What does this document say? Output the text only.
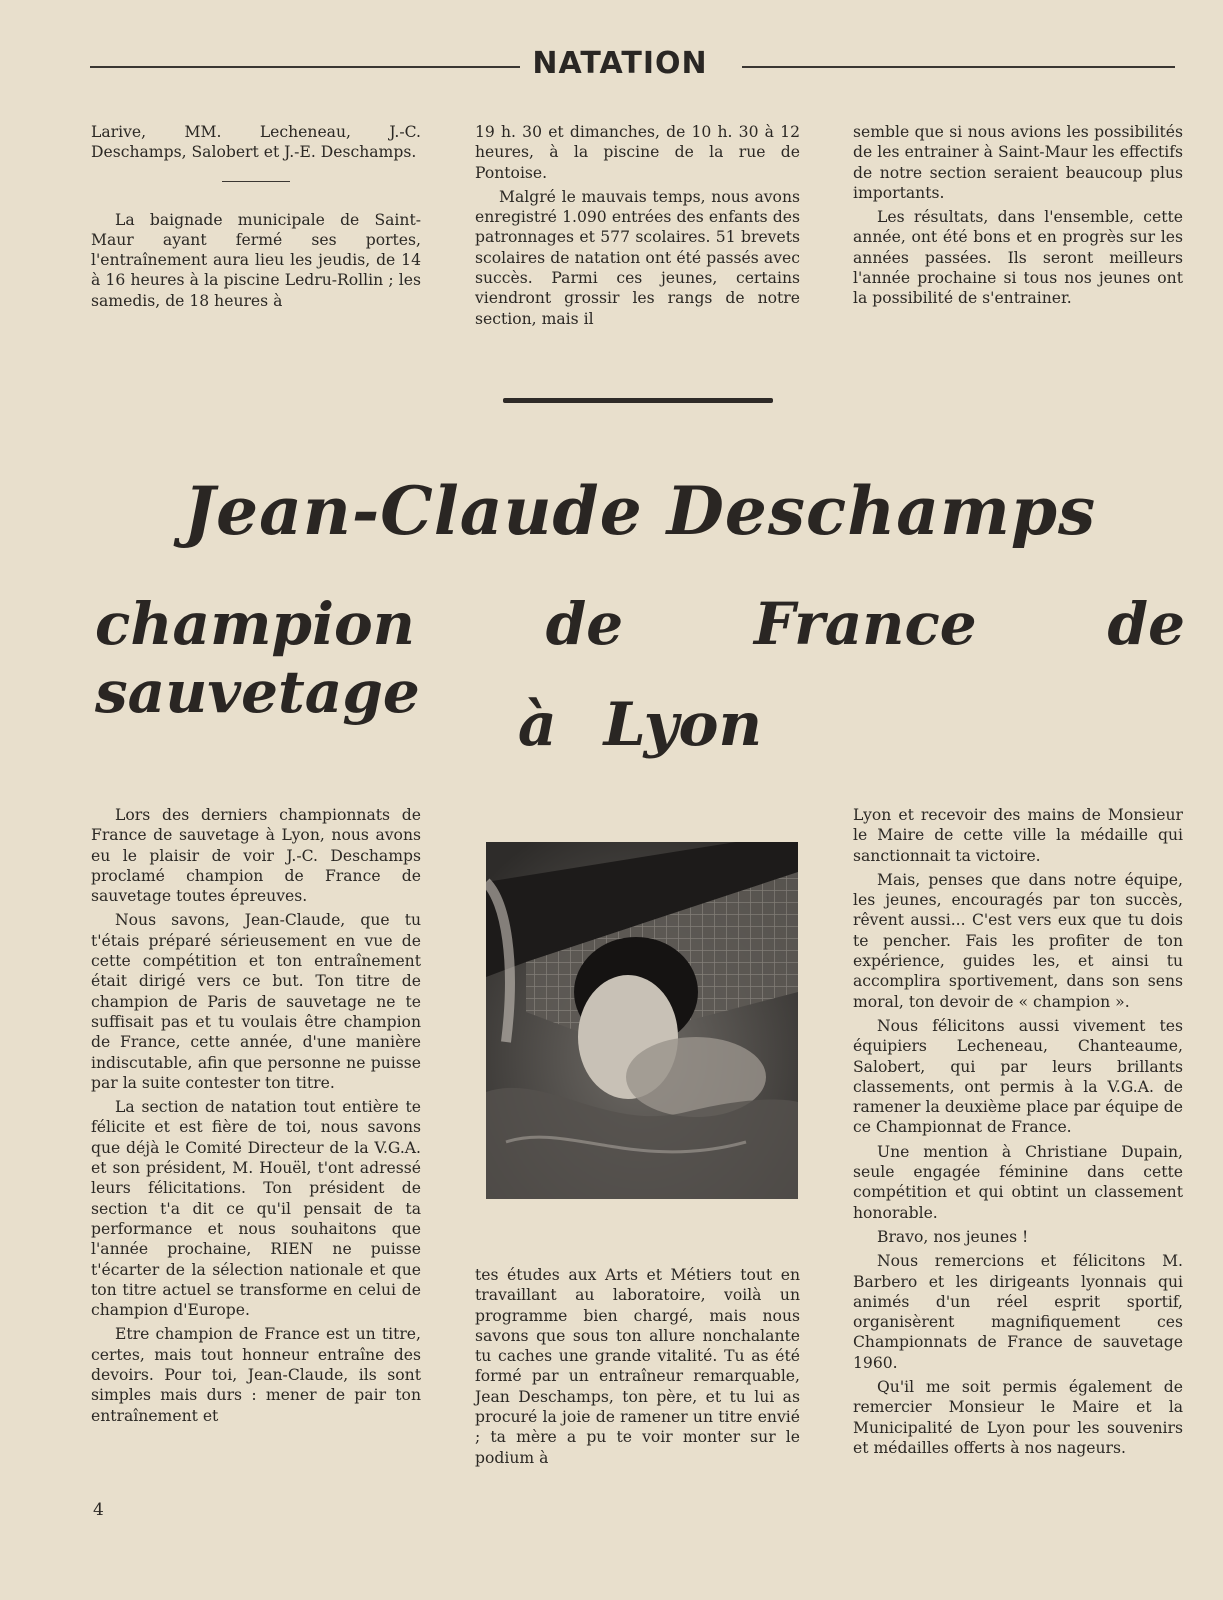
NATATION

Larive, MM. Lecheneau, J.-C. Deschamps, Salobert et J.-E. Deschamps.

La baignade municipale de Saint-Maur ayant fermé ses portes, l'entraînement aura lieu les jeudis, de 14 à 16 heures à la piscine Ledru-Rollin ; les samedis, de 18 heures à

19 h. 30 et dimanches, de 10 h. 30 à 12 heures, à la piscine de la rue de Pontoise.

Malgré le mauvais temps, nous avons enregistré 1.090 entrées des enfants des patronnages et 577 scolaires. 51 brevets scolaires de natation ont été passés avec succès. Parmi ces jeunes, certains viendront grossir les rangs de notre section, mais il

semble que si nous avions les possibilités de les entrainer à Saint-Maur les effectifs de notre section seraient beaucoup plus importants.

Les résultats, dans l'ensemble, cette année, ont été bons et en progrès sur les années passées. Ils seront meilleurs l'année prochaine si tous nos jeunes ont la possibilité de s'entrainer.

Jean-Claude Deschamps
champion de France de sauvetage	à Lyon

Lors des derniers championnats de France de sauvetage à Lyon, nous avons eu le plaisir de voir J.-C. Deschamps proclamé champion de France de sauvetage toutes épreuves.

Nous savons, Jean-Claude, que tu t'étais préparé sérieusement en vue de cette compétition et ton entraînement était dirigé vers ce but. Ton titre de champion de Paris de sauvetage ne te suffisait pas et tu voulais être champion de France, cette année, d'une manière indiscutable, afin que personne ne puisse par la suite contester ton titre.

La section de natation tout entière te félicite et est fière de toi, nous savons que déjà le Comité Directeur de la V.G.A. et son président, M. Houël, t'ont adressé leurs félicitations. Ton président de section t'a dit ce qu'il pensait de ta performance et nous souhaitons que l'année prochaine, RIEN ne puisse t'écarter de la sélection nationale et que ton titre actuel se transforme en celui de champion d'Europe.

Etre champion de France est un titre, certes, mais tout honneur entraîne des devoirs. Pour toi, Jean-Claude, ils sont simples mais durs : mener de pair ton entraînement et

tes études aux Arts et Métiers tout en travaillant au laboratoire, voilà un programme bien chargé, mais nous savons que sous ton allure nonchalante tu caches une grande vitalité. Tu as été formé par un entraîneur remarquable, Jean Deschamps, ton père, et tu lui as procuré la joie de ramener un titre envié ; ta mère a pu te voir monter sur le podium à

Lyon et recevoir des mains de Monsieur le Maire de cette ville la médaille qui sanctionnait ta victoire.

Mais, penses que dans notre équipe, les jeunes, encouragés par ton succès, rêvent aussi... C'est vers eux que tu dois te pencher. Fais les profiter de ton expérience, guides les, et ainsi tu accomplira sportivement, dans son sens moral, ton devoir de « champion ».

Nous félicitons aussi vivement tes équipiers Lecheneau, Chanteaume, Salobert, qui par leurs brillants classements, ont permis à la V.G.A. de ramener la deuxième place par équipe de ce Championnat de France.

Une mention à Christiane Dupain, seule engagée féminine dans cette compétition et qui obtint un classement honorable.

Bravo, nos jeunes !

Nous remercions et félicitons M. Barbero et les dirigeants lyonnais qui animés d'un réel esprit sportif, organisèrent magnifiquement ces Championnats de France de sauvetage 1960.

Qu'il me soit permis également de remercier Monsieur le Maire et la Municipalité de Lyon pour les souvenirs et médailles offerts à nos nageurs.

4
